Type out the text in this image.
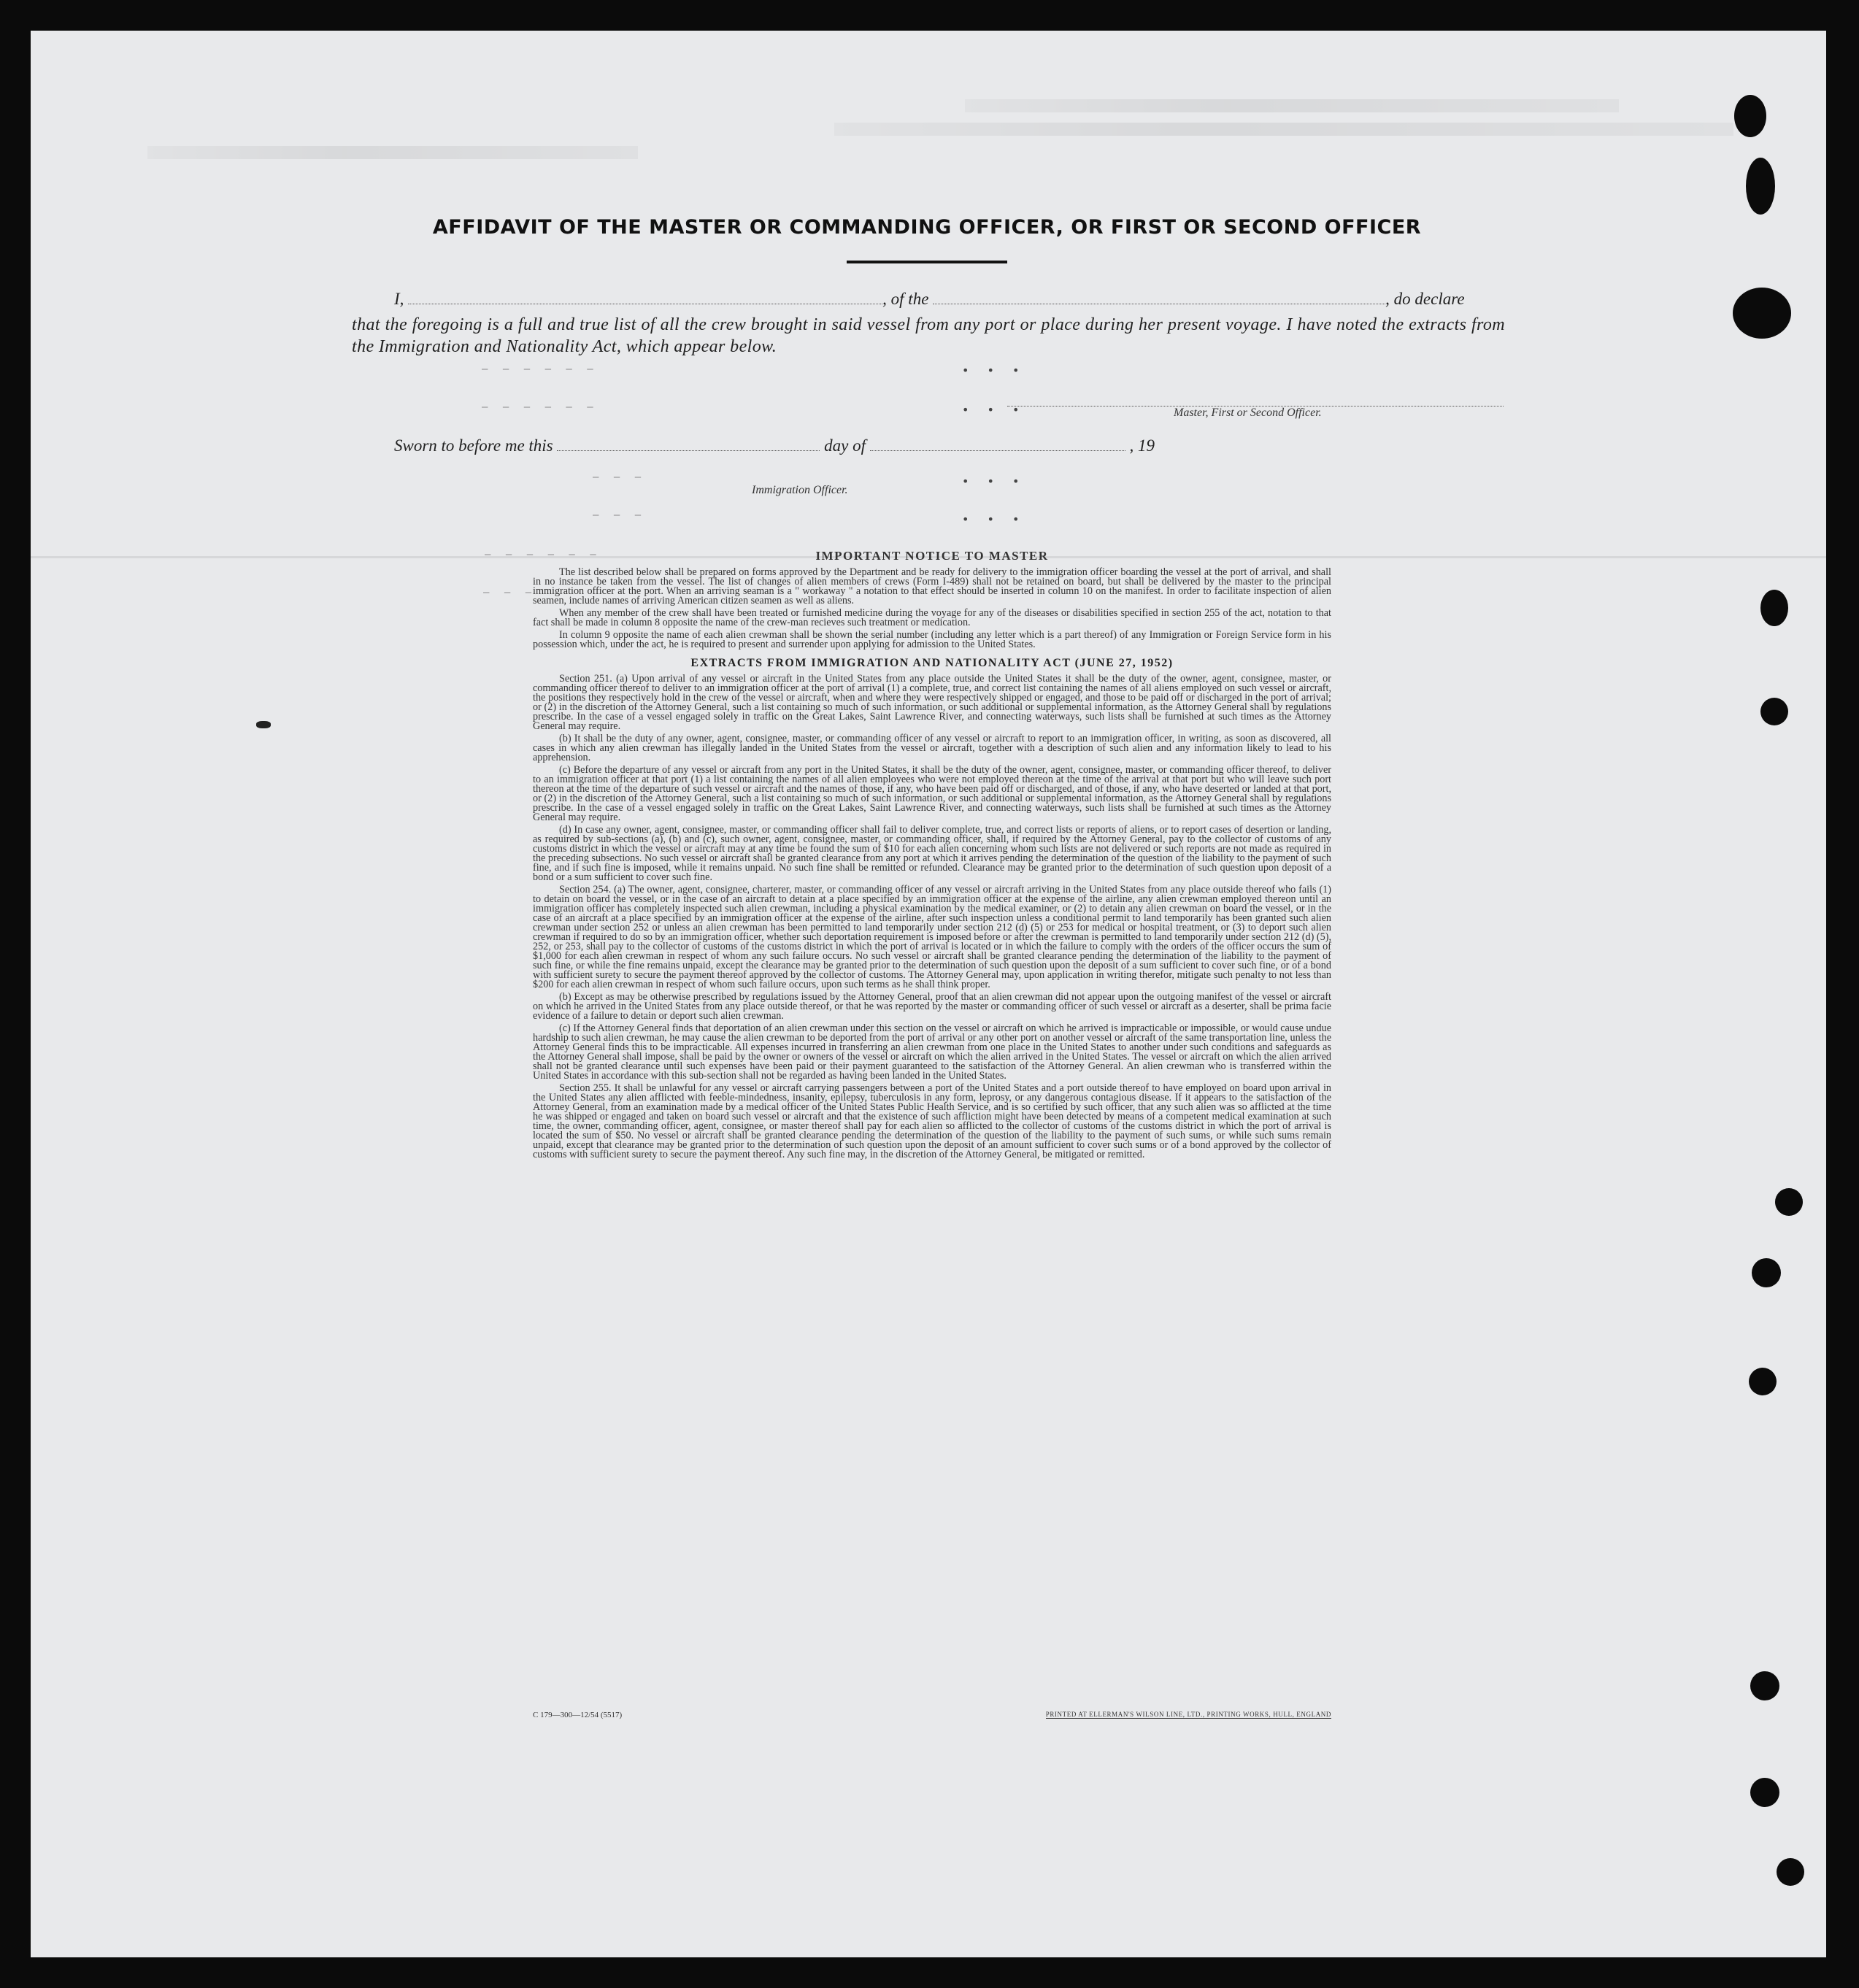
AFFIDAVIT OF THE MASTER OR COMMANDING OFFICER, OR FIRST OR SECOND OFFICER
I,	, of the	, do declare
that the foregoing is a full and true list of all the crew brought in said vessel from any port or place during her present voyage. I have noted the extracts from the Immigration and Nationality Act, which appear below.
– – – – – –	• • •
– – – – – –	• • •	Master, First or Second Officer.
Sworn to before me this	day of	, 19
– – –	• • •
Immigration Officer.
– – –	• • •
– – – – – –
– – –
IMPORTANT NOTICE TO MASTER

The list described below shall be prepared on forms approved by the Department and be ready for delivery to the immigration officer boarding the vessel at the port of arrival, and shall in no instance be taken from the vessel. The list of changes of alien members of crews (Form I-489) shall not be retained on board, but shall be delivered by the master to the principal immigration officer at the port. When an arriving seaman is a " workaway " a notation to that effect should be inserted in column 10 on the manifest. In order to facilitate inspection of alien seamen, include names of arriving American citizen seamen as well as aliens.

When any member of the crew shall have been treated or furnished medicine during the voyage for any of the diseases or disabilities specified in section 255 of the act, notation to that fact shall be made in column 8 opposite the name of the crew-man recieves such treatment or medication.

In column 9 opposite the name of each alien crewman shall be shown the serial number (including any letter which is a part thereof) of any Immigration or Foreign Service form in his possession which, under the act, he is required to present and surrender upon applying for admission to the United States.

EXTRACTS FROM IMMIGRATION AND NATIONALITY ACT (JUNE 27, 1952)

Section 251. (a) Upon arrival of any vessel or aircraft in the United States from any place outside the United States it shall be the duty of the owner, agent, consignee, master, or commanding officer thereof to deliver to an immigration officer at the port of arrival (1) a complete, true, and correct list containing the names of all aliens employed on such vessel or aircraft, the positions they respectively hold in the crew of the vessel or aircraft, when and where they were respectively shipped or engaged, and those to be paid off or discharged in the port of arrival; or (2) in the discretion of the Attorney General, such a list containing so much of such information, or such additional or supplemental information, as the Attorney General shall by regulations prescribe. In the case of a vessel engaged solely in traffic on the Great Lakes, Saint Lawrence River, and connecting waterways, such lists shall be furnished at such times as the Attorney General may require.

(b) It shall be the duty of any owner, agent, consignee, master, or commanding officer of any vessel or aircraft to report to an immigration officer, in writing, as soon as discovered, all cases in which any alien crewman has illegally landed in the United States from the vessel or aircraft, together with a description of such alien and any information likely to lead to his apprehension.

(c) Before the departure of any vessel or aircraft from any port in the United States, it shall be the duty of the owner, agent, consignee, master, or commanding officer thereof, to deliver to an immigration officer at that port (1) a list containing the names of all alien employees who were not employed thereon at the time of the arrival at that port but who will leave such port thereon at the time of the departure of such vessel or aircraft and the names of those, if any, who have been paid off or discharged, and of those, if any, who have deserted or landed at that port, or (2) in the discretion of the Attorney General, such a list containing so much of such information, or such additional or supplemental information, as the Attorney General shall by regulations prescribe. In the case of a vessel engaged solely in traffic on the Great Lakes, Saint Lawrence River, and connecting waterways, such lists shall be furnished at such times as the Attorney General may require.

(d) In case any owner, agent, consignee, master, or commanding officer shall fail to deliver complete, true, and correct lists or reports of aliens, or to report cases of desertion or landing, as required by sub-sections (a), (b) and (c), such owner, agent, consignee, master, or commanding officer, shall, if required by the Attorney General, pay to the collector of customs of any customs district in which the vessel or aircraft may at any time be found the sum of $10 for each alien concerning whom such lists are not delivered or such reports are not made as required in the preceding subsections. No such vessel or aircraft shall be granted clearance from any port at which it arrives pending the determination of the question of the liability to the payment of such fine, and if such fine is imposed, while it remains unpaid. No such fine shall be remitted or refunded. Clearance may be granted prior to the determination of such question upon deposit of a bond or a sum sufficient to cover such fine.

Section 254. (a) The owner, agent, consignee, charterer, master, or commanding officer of any vessel or aircraft arriving in the United States from any place outside thereof who fails (1) to detain on board the vessel, or in the case of an aircraft to detain at a place specified by an immigration officer at the expense of the airline, any alien crewman employed thereon until an immigration officer has completely inspected such alien crewman, including a physical examination by the medical examiner, or (2) to detain any alien crewman on board the vessel, or in the case of an aircraft at a place specified by an immigration officer at the expense of the airline, after such inspection unless a conditional permit to land temporarily has been granted such alien crewman under section 252 or unless an alien crewman has been permitted to land temporarily under section 212 (d) (5) or 253 for medical or hospital treatment, or (3) to deport such alien crewman if required to do so by an immigration officer, whether such deportation requirement is imposed before or after the crewman is permitted to land temporarily under section 212 (d) (5), 252, or 253, shall pay to the collector of customs of the customs district in which the port of arrival is located or in which the failure to comply with the orders of the officer occurs the sum of $1,000 for each alien crewman in respect of whom any such failure occurs. No such vessel or aircraft shall be granted clearance pending the determination of the liability to the payment of such fine, or while the fine remains unpaid, except the clearance may be granted prior to the determination of such question upon the deposit of a sum sufficient to cover such fine, or of a bond with sufficient surety to secure the payment thereof approved by the collector of customs. The Attorney General may, upon application in writing therefor, mitigate such penalty to not less than $200 for each alien crewman in respect of whom such failure occurs, upon such terms as he shall think proper.

(b) Except as may be otherwise prescribed by regulations issued by the Attorney General, proof that an alien crewman did not appear upon the outgoing manifest of the vessel or aircraft on which he arrived in the United States from any place outside thereof, or that he was reported by the master or commanding officer of such vessel or aircraft as a deserter, shall be prima facie evidence of a failure to detain or deport such alien crewman.

(c) If the Attorney General finds that deportation of an alien crewman under this section on the vessel or aircraft on which he arrived is impracticable or impossible, or would cause undue hardship to such alien crewman, he may cause the alien crewman to be deported from the port of arrival or any other port on another vessel or aircraft of the same transportation line, unless the Attorney General finds this to be impracticable. All expenses incurred in transferring an alien crewman from one place in the United States to another under such conditions and safeguards as the Attorney General shall impose, shall be paid by the owner or owners of the vessel or aircraft on which the alien arrived in the United States. The vessel or aircraft on which the alien arrived shall not be granted clearance until such expenses have been paid or their payment guaranteed to the satisfaction of the Attorney General. An alien crewman who is transferred within the United States in accordance with this sub-section shall not be regarded as having been landed in the United States.

Section 255. It shall be unlawful for any vessel or aircraft carrying passengers between a port of the United States and a port outside thereof to have employed on board upon arrival in the United States any alien afflicted with feeble-mindedness, insanity, epilepsy, tuberculosis in any form, leprosy, or any dangerous contagious disease. If it appears to the satisfaction of the Attorney General, from an examination made by a medical officer of the United States Public Health Service, and is so certified by such officer, that any such alien was so afflicted at the time he was shipped or engaged and taken on board such vessel or aircraft and that the existence of such affliction might have been detected by means of a competent medical examination at such time, the owner, commanding officer, agent, consignee, or master thereof shall pay for each alien so afflicted to the collector of customs of the customs district in which the port of arrival is located the sum of $50. No vessel or aircraft shall be granted clearance pending the determination of the question of the liability to the payment of such sums, or while such sums remain unpaid, except that clearance may be granted prior to the determination of such question upon the deposit of an amount sufficient to cover such sums or of a bond approved by the collector of customs with sufficient surety to secure the payment thereof. Any such fine may, in the discretion of the Attorney General, be mitigated or remitted.

C 179—300—12/54 (5517)	PRINTED AT ELLERMAN'S WILSON LINE, LTD., PRINTING WORKS, HULL, ENGLAND
